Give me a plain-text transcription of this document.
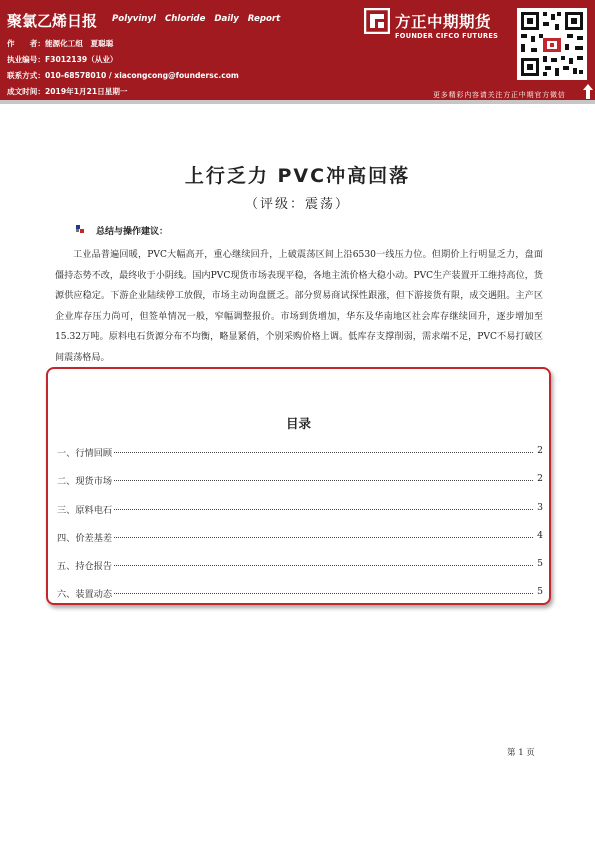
聚氯乙烯日报 Polyvinyl Chloride Daily Report
作　　者：能源化工组　夏聪聪
执业编号：F3012139（从业）
联系方式：010-68578010 / xiacongcong@foundersc.com
成文时间：2019年1月21日星期一
方正中期期货
FOUNDER CIFCO FUTURES
更多精彩内容请关注方正中期官方微信
上行乏力 PVC冲高回落
（评级：震荡）
总结与操作建议：
工业品普遍回暖，PVC大幅高开，重心继续回升，上破震荡区间上沿6530一线压力位。但期价上行明显乏力，盘面僵持态势不改，最终收于小阴线。国内PVC现货市场表现平稳，各地主流价格大稳小动。PVC生产装置开工维持高位，货源供应稳定。下游企业陆续停工放假，市场主动询盘匮乏。部分贸易商试探性跟涨，但下游接货有限，成交遇阻。主产区企业库存压力尚可，但签单情况一般，窄幅调整报价。市场到货增加，华东及华南地区社会库存继续回升，逐步增加至15.32万吨。原料电石货源分布不均衡，略显紧俏，个别采购价格上调。低库存支撑削弱，需求端不足，PVC不易打破区间震荡格局。
目录
一、行情回顾	2
二、现货市场	2
三、原料电石	3
四、价差基差	4
五、持仓报告	5
六、装置动态	5
第 1 页
